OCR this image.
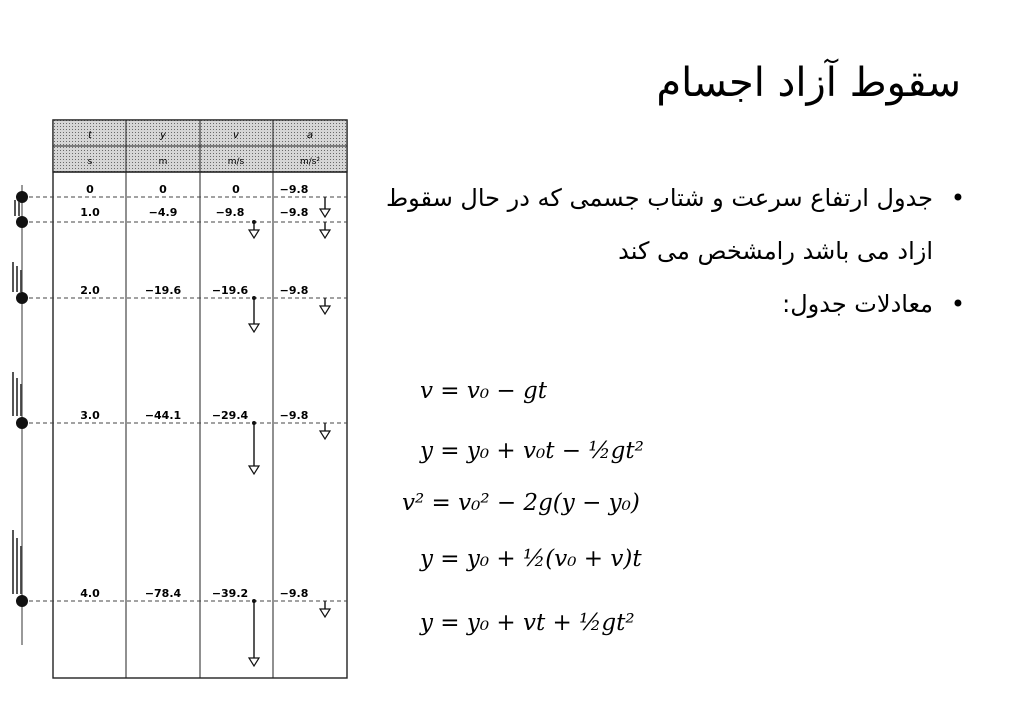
سقوط آزاد اجسام
• جدول ارتفاع سرعت و شتاب جسمی که در حال سقوط ازاد می باشد رامشخص می کند
• معادلات جدول:
v = v₀ − gt
y = y₀ + v₀t − ½gt²
v² = v₀² − 2g(y − y₀)
y = y₀ + ½(v₀ + v)t
y = y₀ + vt + ½gt²
t	y	v	a
s	m	m/s	m/s²
0	0	0	−9.8
1.0	−4.9	−9.8	−9.8
2.0	−19.6	−19.6	−9.8
3.0	−44.1	−29.4	−9.8
4.0	−78.4	−39.2	−9.8
